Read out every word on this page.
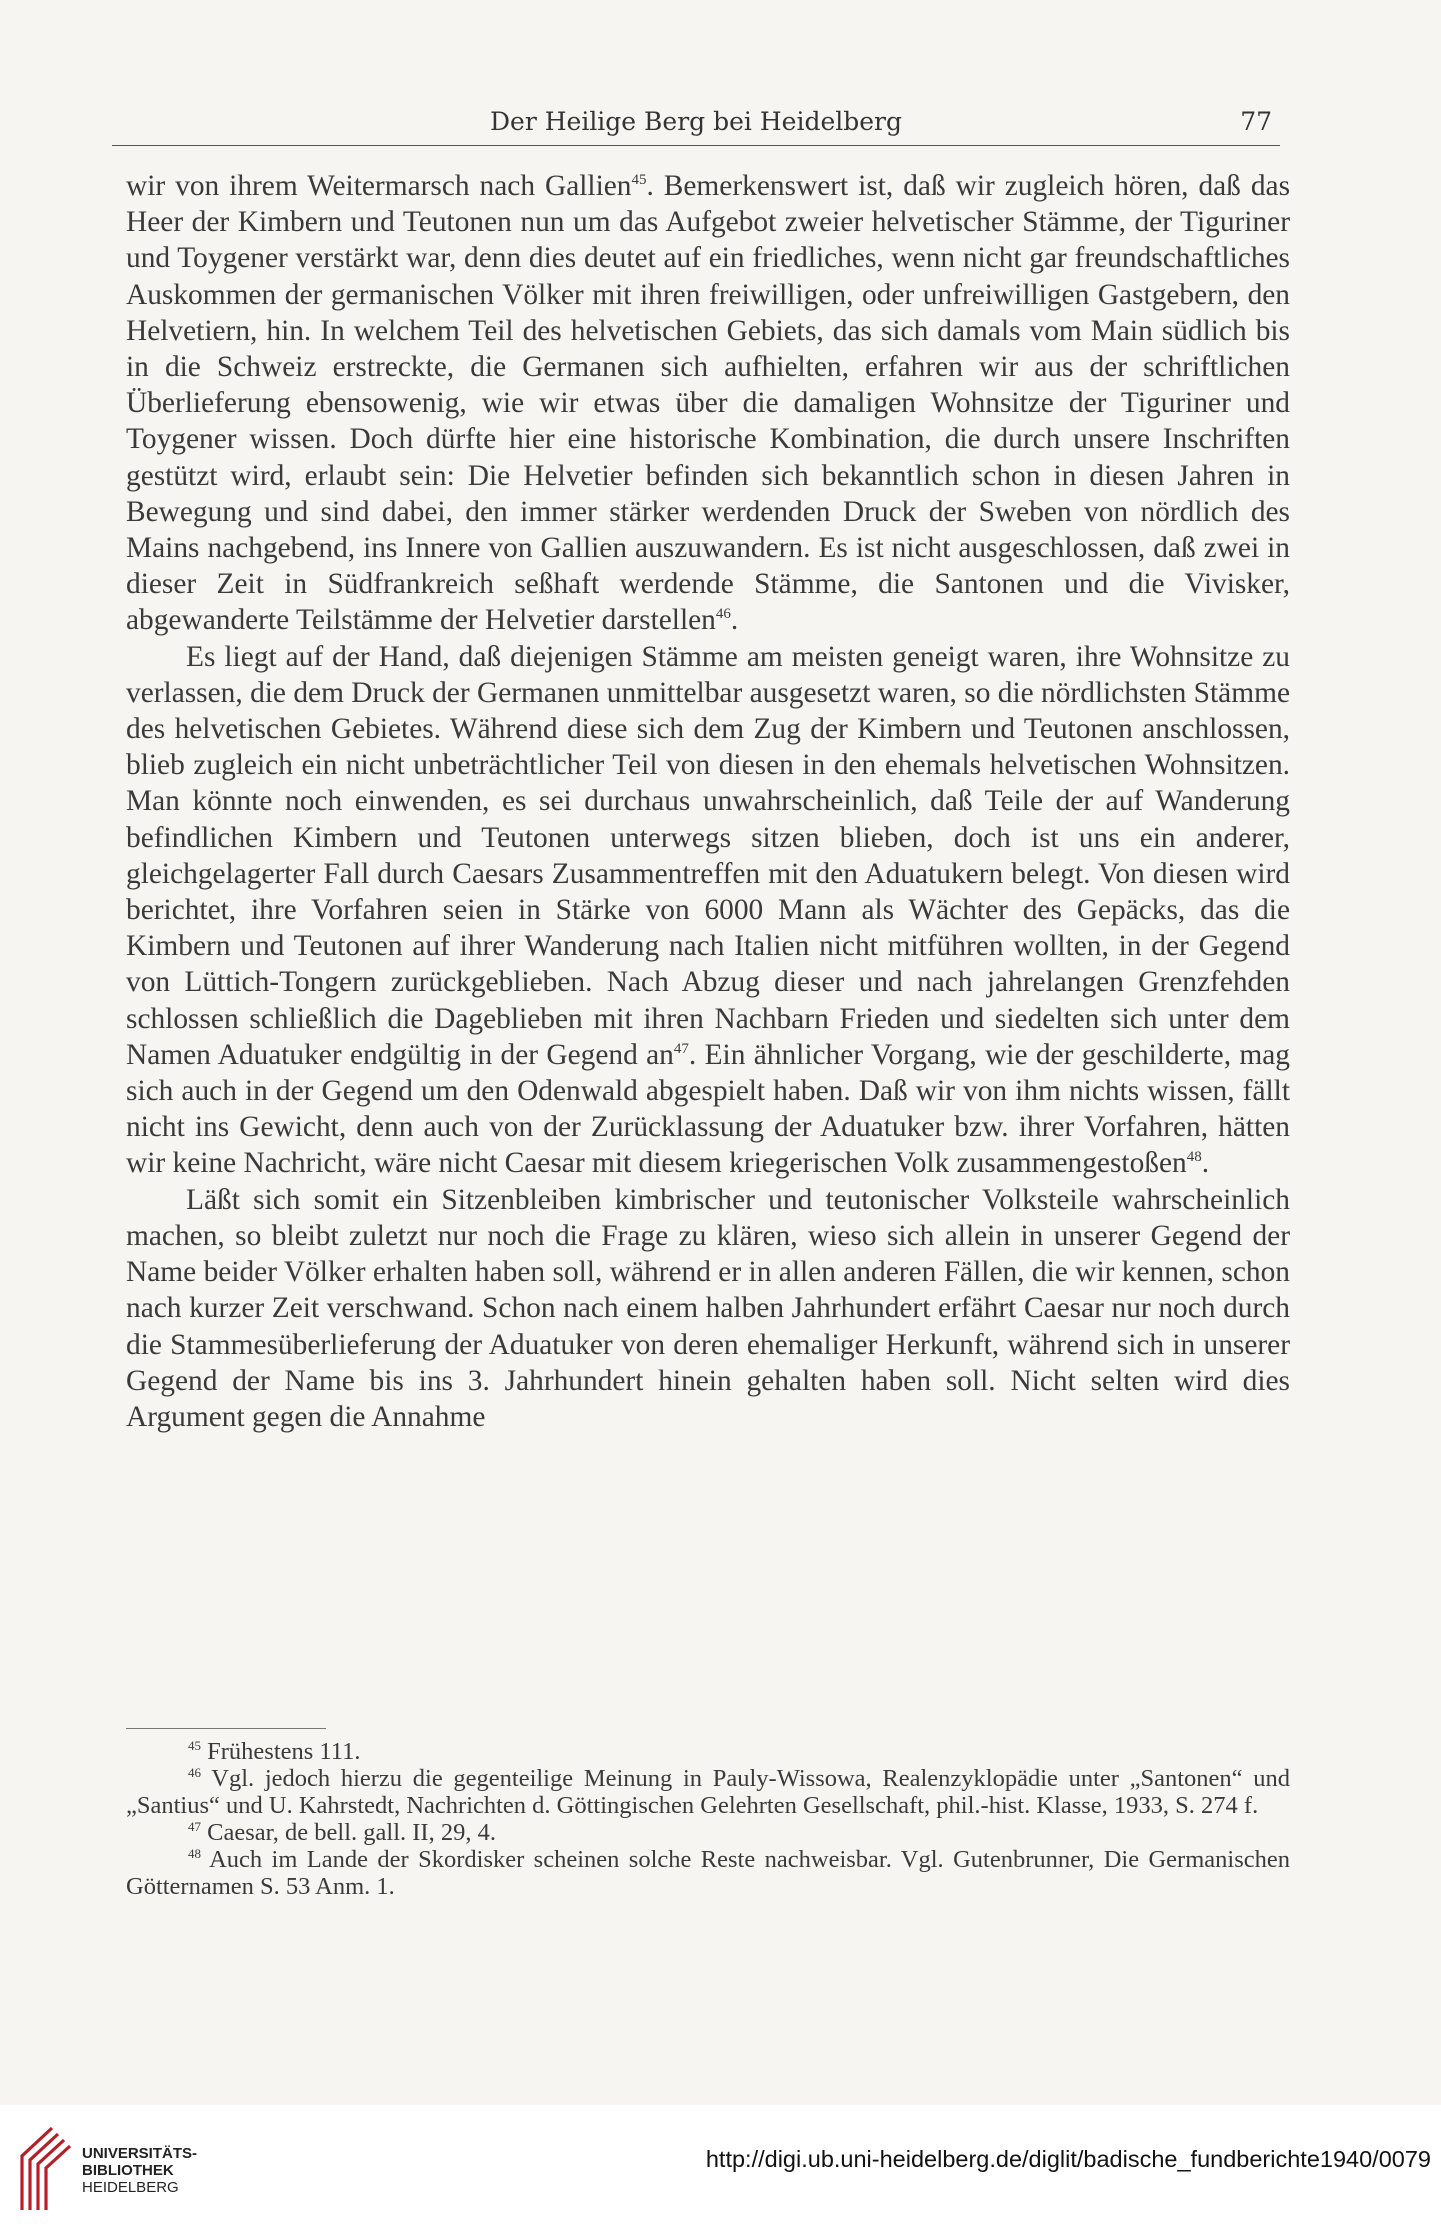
Der Heilige Berg bei Heidelberg	77

wir von ihrem Weitermarsch nach Gallien$^{45}$. Bemerkenswert ist, daß wir zugleich hören, daß das Heer der Kimbern und Teutonen nun um das Aufgebot zweier helvetischer Stämme, der Tiguriner und Toygener verstärkt war, denn dies deutet auf ein friedliches, wenn nicht gar freundschaftliches Auskommen der germanischen Völker mit ihren freiwilligen, oder unfreiwilligen Gastgebern, den Helvetiern, hin. In welchem Teil des helvetischen Gebiets, das sich damals vom Main südlich bis in die Schweiz erstreckte, die Germanen sich aufhielten, erfahren wir aus der schriftlichen Überlieferung ebensowenig, wie wir etwas über die damaligen Wohnsitze der Tiguriner und Toygener wissen. Doch dürfte hier eine historische Kombination, die durch unsere Inschriften gestützt wird, erlaubt sein: Die Helvetier befinden sich bekanntlich schon in diesen Jahren in Bewegung und sind dabei, den immer stärker werdenden Druck der Sweben von nördlich des Mains nachgebend, ins Innere von Gallien auszuwandern. Es ist nicht ausgeschlossen, daß zwei in dieser Zeit in Südfrankreich seßhaft werdende Stämme, die Santonen und die Vivisker, abgewanderte Teilstämme der Helvetier darstellen$^{46}$.

Es liegt auf der Hand, daß diejenigen Stämme am meisten geneigt waren, ihre Wohnsitze zu verlassen, die dem Druck der Germanen unmittelbar ausgesetzt waren, so die nördlichsten Stämme des helvetischen Gebietes. Während diese sich dem Zug der Kimbern und Teutonen anschlossen, blieb zugleich ein nicht unbeträchtlicher Teil von diesen in den ehemals helvetischen Wohnsitzen. Man könnte noch einwenden, es sei durchaus unwahrscheinlich, daß Teile der auf Wanderung befindlichen Kimbern und Teutonen unterwegs sitzen blieben, doch ist uns ein anderer, gleichgelagerter Fall durch Caesars Zusammentreffen mit den Aduatukern belegt. Von diesen wird berichtet, ihre Vorfahren seien in Stärke von 6000 Mann als Wächter des Gepäcks, das die Kimbern und Teutonen auf ihrer Wanderung nach Italien nicht mitführen wollten, in der Gegend von Lüttich-Tongern zurückgeblieben. Nach Abzug dieser und nach jahrelangen Grenzfehden schlossen schließlich die Dageblieben mit ihren Nachbarn Frieden und siedelten sich unter dem Namen Aduatuker endgültig in der Gegend $an^{47}$. Ein ähnlicher Vorgang, wie der geschilderte, mag sich auch in der Gegend um den Odenwald abgespielt haben. Daß wir von ihm nichts wissen, fällt nicht ins Gewicht, denn auch von der Zurücklassung der Aduatuker bzw. ihrer Vorfahren, hätten wir keine Nachricht, wäre nicht Caesar mit diesem kriegerischen Volk zusammengestoßen$^{48}$.

Läßt sich somit ein Sitzenbleiben kimbrischer und teutonischer Volksteile wahrscheinlich machen, so bleibt zuletzt nur noch die Frage zu klären, wieso sich allein in unserer Gegend der Name beider Völker erhalten haben soll, während er in allen anderen Fällen, die wir kennen, schon nach kurzer Zeit verschwand. Schon nach einem halben Jahrhundert erfährt Caesar nur noch durch die Stammesüberlieferung der Aduatuker von deren ehemaliger Herkunft, während sich in unserer Gegend der Name bis ins 3. Jahrhundert hinein gehalten haben soll. Nicht selten wird dies Argument gegen die Annahme

$^{45}$ Frühestens 111.

$^{46}$ Vgl. jedoch hierzu die gegenteilige Meinung in Pauly-Wissowa, Realenzyklopädie unter „Santonen“ und „Santius“ und U. Kahrstedt, Nachrichten d. Göttingischen Gelehrten Gesellschaft, phil.-hist. Klasse, 1933, S. 274 f.

$^{47}$ Caesar, de bell. gall. II, 29, 4.

$^{48}$ Auch im Lande der Skordisker scheinen solche Reste nachweisbar. Vgl. Gutenbrunner, Die Germanischen Götternamen S. 53 Anm. 1.

UNIVERSITÄTS-
BIBLIOTHEK
HEIDELBERG
http://digi.ub.uni-heidelberg.de/diglit/badische_fundberichte1940/0079
